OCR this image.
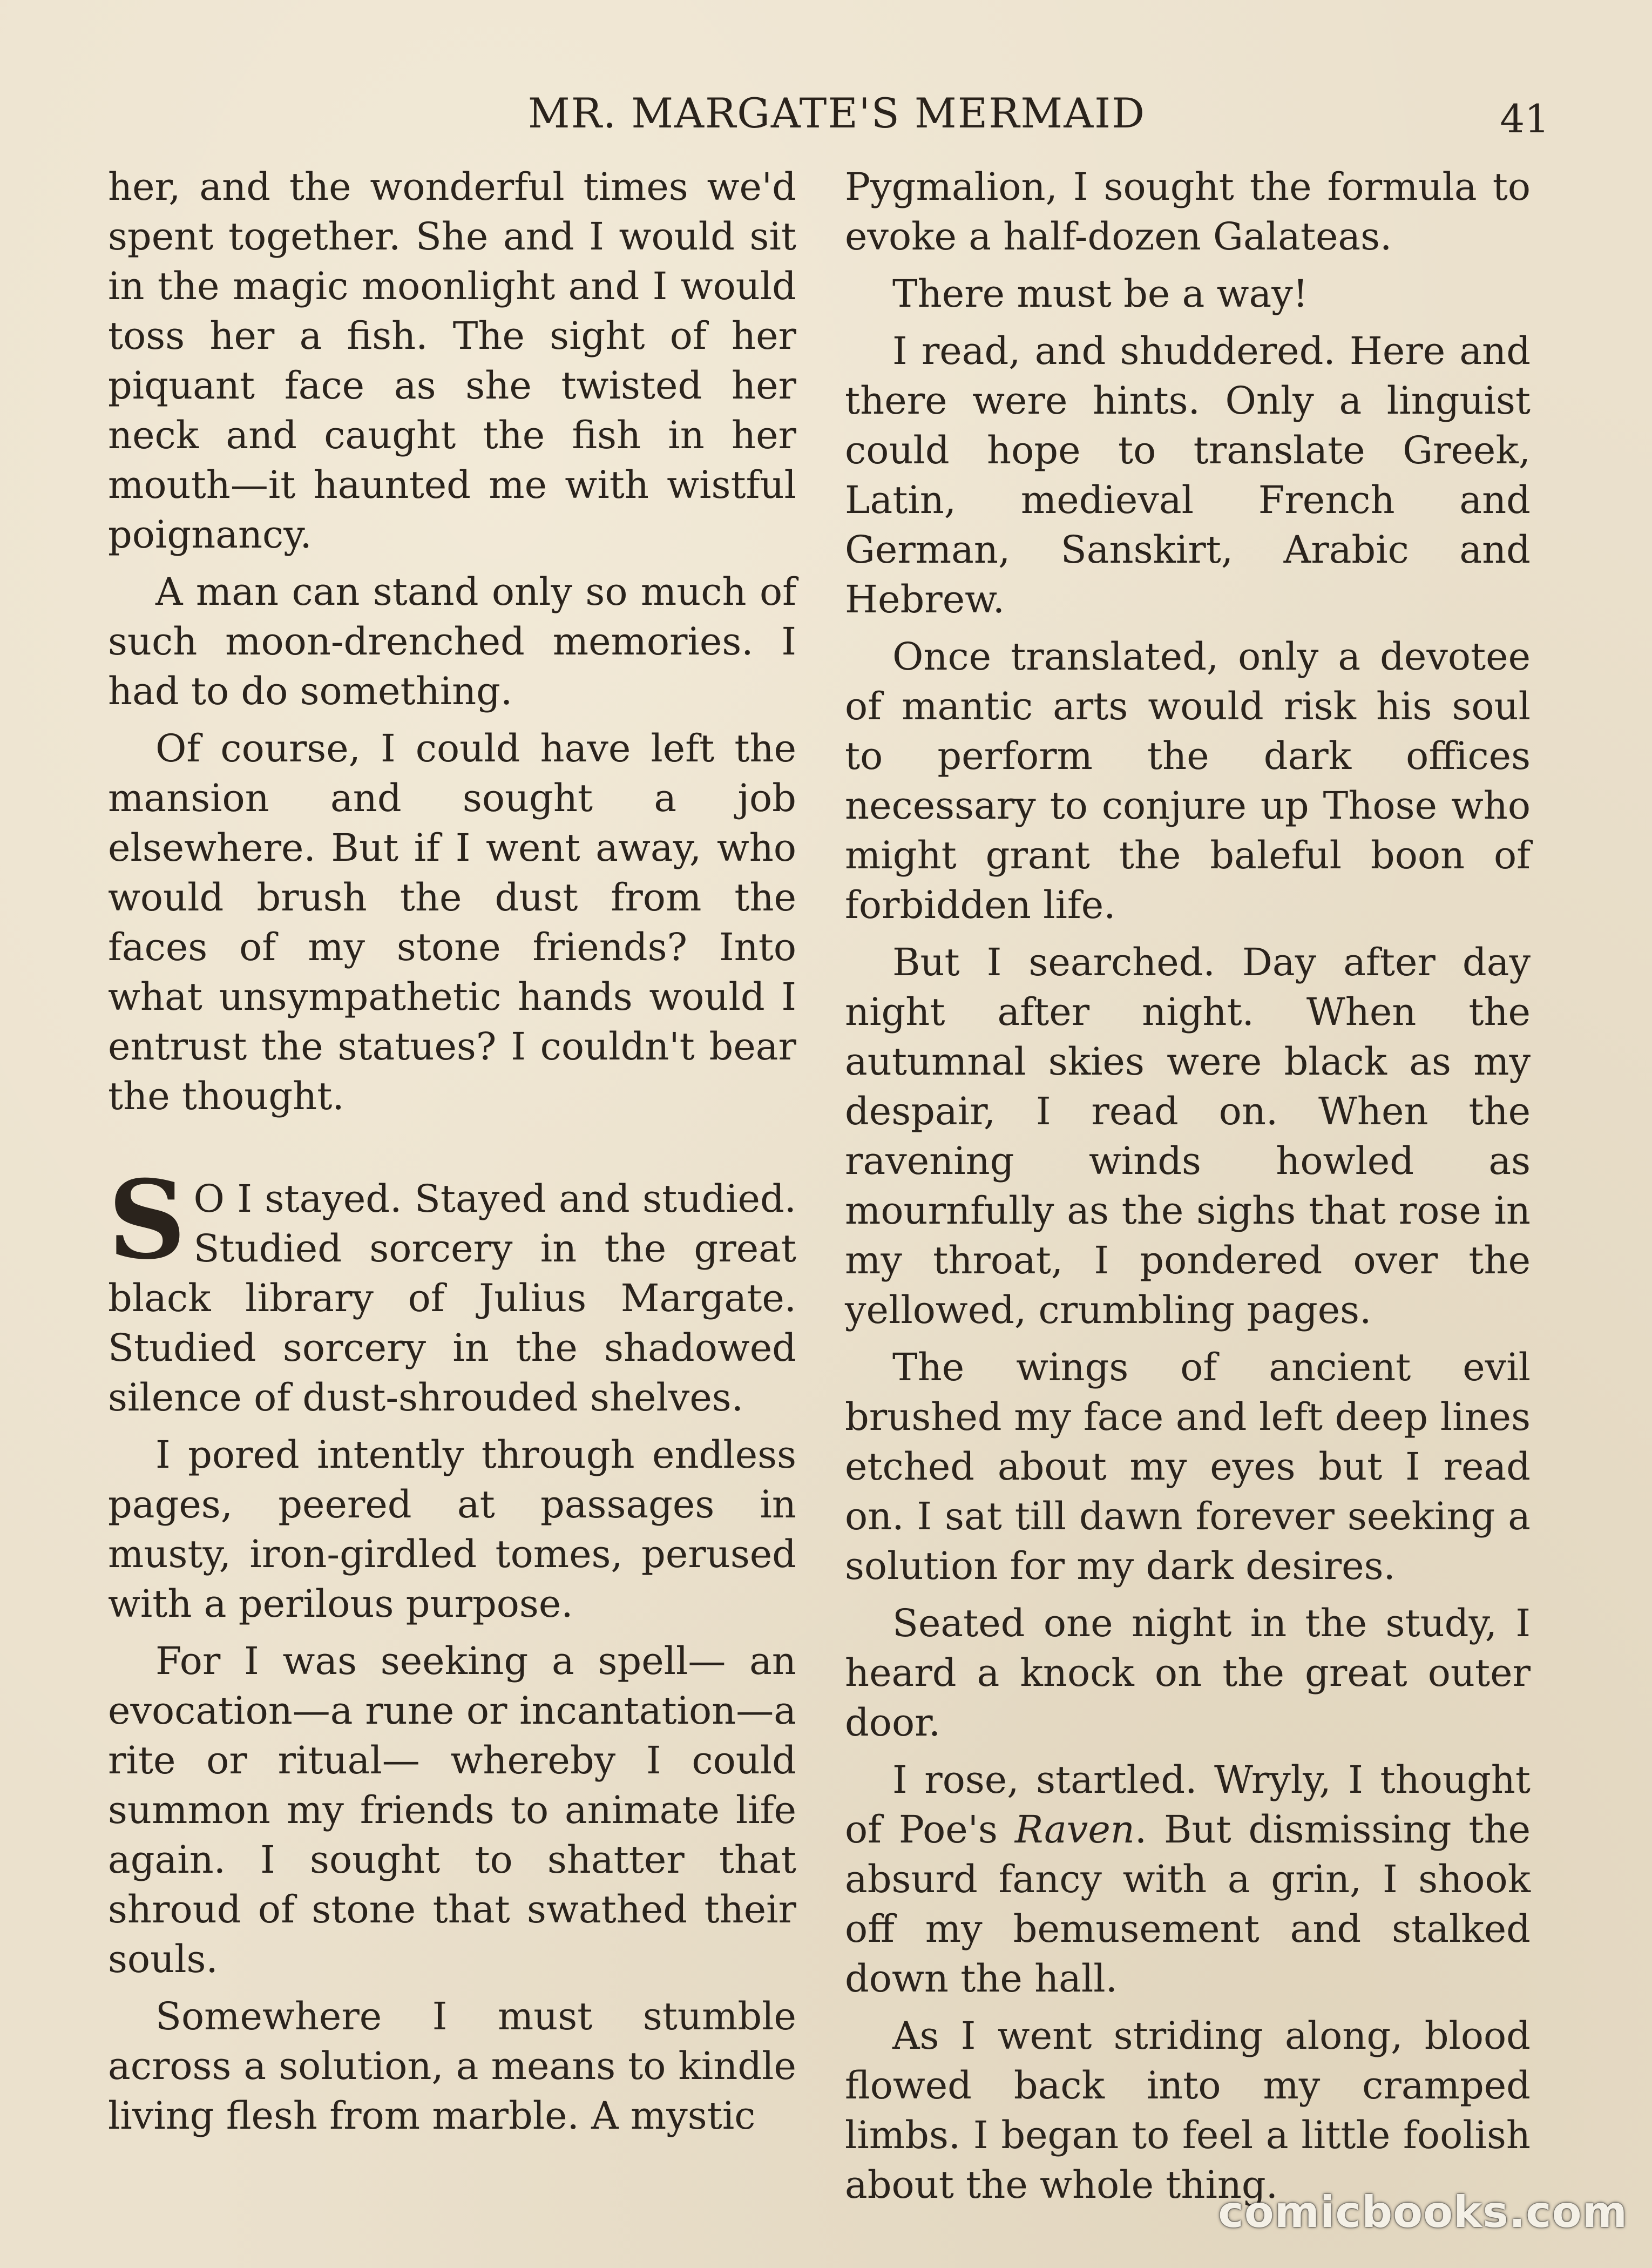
MR. MARGATE'S MERMAID	41

her, and the wonderful times we'd spent together. She and I would sit in the magic moonlight and I would toss her a fish. The sight of her piquant face as she twisted her neck and caught the fish in her mouth—it haunted me with wistful poignancy.

A man can stand only so much of such moon-drenched memories. I had to do something.

Of course, I could have left the mansion and sought a job elsewhere. But if I went away, who would brush the dust from the faces of my stone friends? Into what unsympathetic hands would I entrust the statues? I couldn't bear the thought.

S O I stayed. Stayed and studied. Studied sorcery in the great black library of Julius Margate. Studied sorcery in the shadowed silence of dust-shrouded shelves.

I pored intently through endless pages, peered at passages in musty, iron-girdled tomes, perused with a perilous purpose.

For I was seeking a spell— an evocation—a rune or incantation—a rite or ritual— whereby I could summon my friends to animate life again. I sought to shatter that shroud of stone that swathed their souls.

Somewhere I must stumble across a solution, a means to kindle living flesh from marble. A mystic

Pygmalion, I sought the formula to evoke a half-dozen Galateas.

There must be a way!

I read, and shuddered. Here and there were hints. Only a linguist could hope to translate Greek, Latin, medieval French and German, Sanskirt, Arabic and Hebrew.

Once translated, only a devotee of mantic arts would risk his soul to perform the dark offices necessary to conjure up Those who might grant the baleful boon of forbidden life.

But I searched. Day after day night after night. When the autumnal skies were black as my despair, I read on. When the ravening winds howled as mournfully as the sighs that rose in my throat, I pondered over the yellowed, crumbling pages.

The wings of ancient evil brushed my face and left deep lines etched about my eyes but I read on. I sat till dawn forever seeking a solution for my dark desires.

Seated one night in the study, I heard a knock on the great outer door.

I rose, startled. Wryly, I thought of Poe's Raven. But dismissing the absurd fancy with a grin, I shook off my bemusement and stalked down the hall.

As I went striding along, blood flowed back into my cramped limbs. I began to feel a little foolish about the whole thing.

comicbooks.com
